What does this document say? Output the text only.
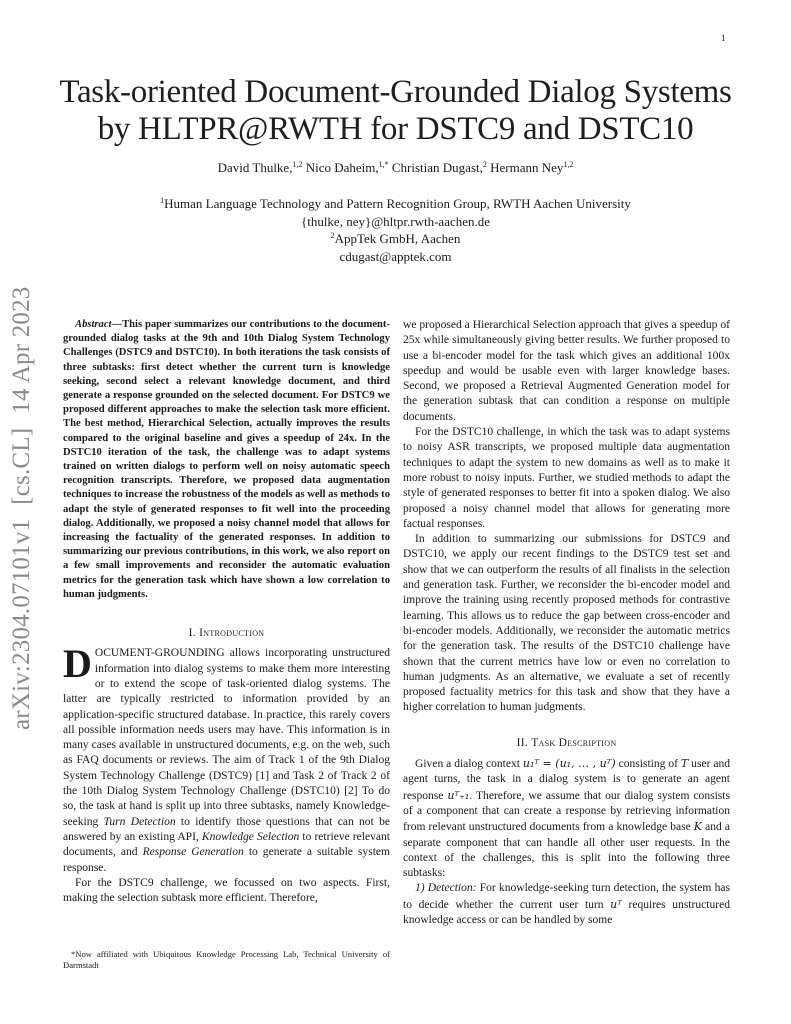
1
Task-oriented Document-Grounded Dialog Systems
by HLTPR@RWTH for DSTC9 and DSTC10
David Thulke,$^{1,2}$ Nico Daheim,$^{1,*}$ Christian Dugast,$^2$ Hermann Ney$^{1,2}$
$^1$Human Language Technology and Pattern Recognition Group, RWTH Aachen University
{thulke, ney}@hltpr.rwth-aachen.de
$^2$AppTek GmbH, Aachen
cdugast@apptek.com
arXiv:2304.07101v1[cs.CL]14 Apr 2023	Abstract—This paper summarizes our contributions to the document-grounded dialog tasks at the 9th and 10th Dialog System Technology Challenges (DSTC9 and DSTC10). In both iterations the task consists of three subtasks: first detect whether the current turn is knowledge seeking, second select a relevant knowledge document, and third generate a response grounded on the selected document. For DSTC9 we proposed different approaches to make the selection task more efficient. The best method, Hierarchical Selection, actually improves the results compared to the original baseline and gives a speedup of 24x. In the DSTC10 iteration of the task, the challenge was to adapt systems trained on written dialogs to perform well on noisy automatic speech recognition transcripts. Therefore, we proposed data augmentation techniques to increase the robustness of the models as well as methods to adapt the style of generated responses to fit well into the proceeding dialog. Additionally, we proposed a noisy channel model that allows for increasing the factuality of the generated responses. In addition to summarizing our previous contributions, in this work, we also report on a few small improvements and reconsider the automatic evaluation metrics for the generation task which have shown a low correlation to human judgments.

I. Introduction

DOCUMENT-GROUNDING allows incorporating unstructured information into dialog systems to make them more interesting or to extend the scope of task-oriented dialog systems. The latter are typically restricted to information provided by an application-specific structured database. In practice, this rarely covers all possible information needs users may have. This information is in many cases available in unstructured documents, e.g. on the web, such as FAQ documents or reviews. The aim of Track 1 of the 9th Dialog System Technology Challenge (DSTC9) [1] and Task 2 of Track 2 of the 10th Dialog System Technology Challenge (DSTC10) [2] To do so, the task at hand is split up into three subtasks, namely Knowledge-seeking Turn Detection to identify those questions that can not be answered by an existing API, Knowledge Selection to retrieve relevant documents, and Response Generation to generate a suitable system response.

For the DSTC9 challenge, we focussed on two aspects. First, making the selection subtask more efficient. Therefore,

*Now affiliated with Ubiquitous Knowledge Processing Lab, Technical University of Darmstadt

we proposed a Hierarchical Selection approach that gives a speedup of 25x while simultaneously giving better results. We further proposed to use a bi-encoder model for the task which gives an additional 100x speedup and would be usable even with larger knowledge bases. Second, we proposed a Retrieval Augmented Generation model for the generation subtask that can condition a response on multiple documents.

For the DSTC10 challenge, in which the task was to adapt systems to noisy ASR transcripts, we proposed multiple data augmentation techniques to adapt the system to new domains as well as to make it more robust to noisy inputs. Further, we studied methods to adapt the style of generated responses to better fit into a spoken dialog. We also proposed a noisy channel model that allows for generating more factual responses.

In addition to summarizing our submissions for DSTC9 and DSTC10, we apply our recent findings to the DSTC9 test set and show that we can outperform the results of all finalists in the selection and generation task. Further, we reconsider the bi-encoder model and improve the training using recently proposed methods for contrastive learning. This allows us to reduce the gap between cross-encoder and bi-encoder models. Additionally, we reconsider the automatic metrics for the generation task. The results of the DSTC10 challenge have shown that the current metrics have low or even no correlation to human judgments. As an alternative, we evaluate a set of recently proposed factuality metrics for this task and show that they have a higher correlation to human judgments.

II. Task Description

Given a dialog context u₁ᵀ = (u₁, … , uᵀ) consisting of T user and agent turns, the task in a dialog system is to generate an agent response uᵀ₊₁. Therefore, we assume that our dialog system consists of a component that can create a response by retrieving information from relevant unstructured documents from a knowledge base K and a separate component that can handle all other user requests. In the context of the challenges, this is split into the following three subtasks:

1) Detection: For knowledge-seeking turn detection, the system has to decide whether the current user turn uᵀ requires unstructured knowledge access or can be handled by some
